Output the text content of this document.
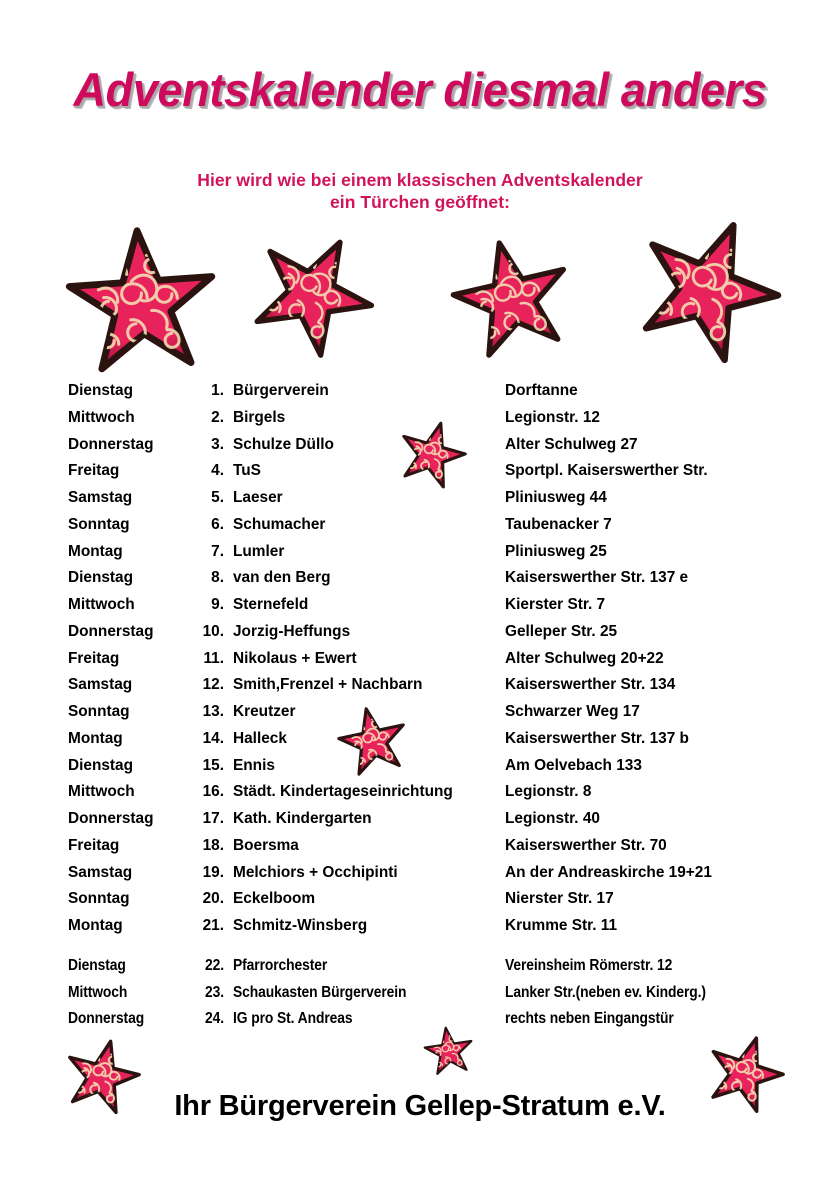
Adventskalender diesmal anders
Hier wird wie bei einem klassischen Adventskalender
ein Türchen geöffnet:
Dienstag	1. Bürgerverein	Dorftanne
Mittwoch	2. Birgels	Legionstr. 12
Donnerstag	3. Schulze Düllo	Alter Schulweg 27
Freitag	4. TuS	Sportpl. Kaiserswerther Str.
Samstag	5. Laeser	Pliniusweg 44
Sonntag	6. Schumacher	Taubenacker 7
Montag	7. Lumler	Pliniusweg 25
Dienstag	8. van den Berg	Kaiserswerther Str. 137 e
Mittwoch	9. Sternefeld	Kierster Str. 7
Donnerstag	10. Jorzig-Heffungs	Gelleper Str. 25
Freitag	11. Nikolaus + Ewert	Alter Schulweg 20+22
Samstag	12. Smith,Frenzel + Nachbarn	Kaiserswerther Str. 134
Sonntag	13. Kreutzer	Schwarzer Weg 17
Montag	14. Halleck	Kaiserswerther Str. 137 b
Dienstag	15. Ennis	Am Oelvebach 133
Mittwoch	16. Städt. Kindertageseinrichtung	Legionstr. 8
Donnerstag	17. Kath. Kindergarten	Legionstr. 40
Freitag	18. Boersma	Kaiserswerther Str. 70
Samstag	19. Melchiors + Occhipinti	An der Andreaskirche 19+21
Sonntag	20. Eckelboom	Nierster Str. 17
Montag	21. Schmitz-Winsberg	Krumme Str. 11
Dienstag	22. Pfarrorchester	Vereinsheim Römerstr. 12
Mittwoch	23. Schaukasten Bürgerverein	Lanker Str.(neben ev. Kinderg.)
Donnerstag	24. IG pro St. Andreas	rechts neben Eingangstür
Ihr Bürgerverein Gellep-Stratum e.V.
